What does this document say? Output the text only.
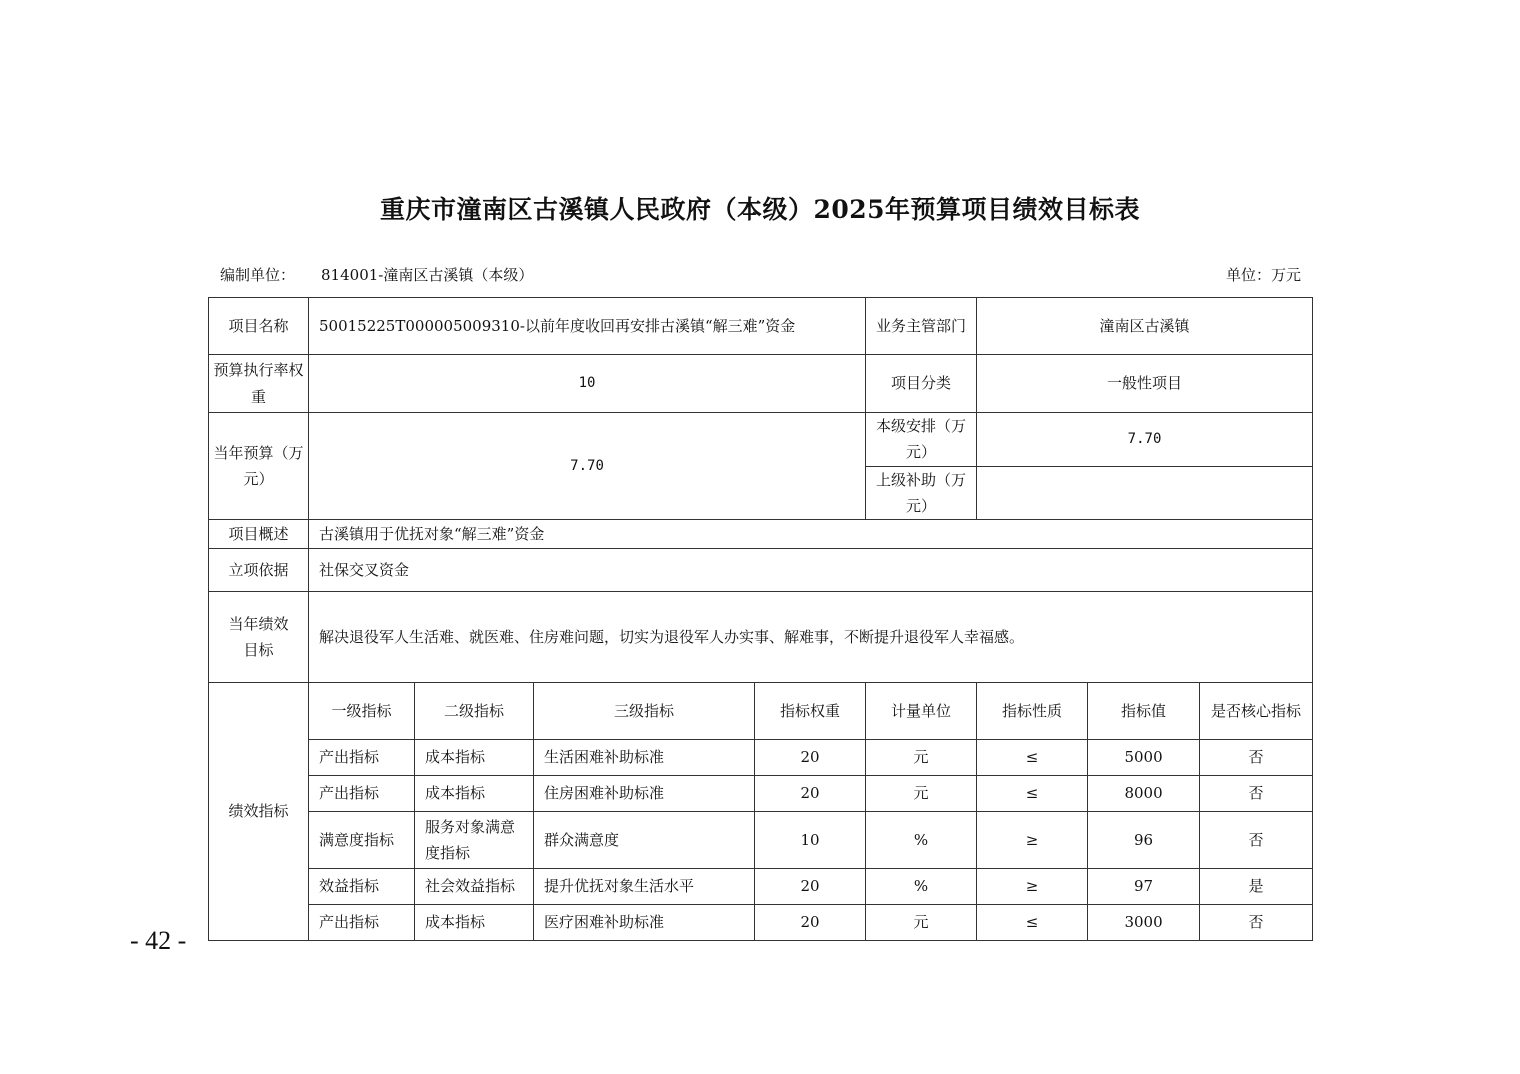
重庆市潼南区古溪镇人民政府（本级）2025年预算项目绩效目标表
编制单位： 814001-潼南区古溪镇（本级）	单位：万元
项目名称	50015225T000005009310-以前年度收回再安排古溪镇“解三难”资金				业务主管部门	潼南区古溪镇		
预算执行率权重	10				项目分类	一般性项目		
当年预算（万元）	7.70				本级安排（万元）	7.70		
					上级补助（万元）			
项目概述	古溪镇用于优抚对象“解三难”资金							
立项依据	社保交叉资金							
当年绩效目标	解决退役军人生活难、就医难、住房难问题，切实为退役军人办实事、解难事，不断提升退役军人幸福感。							
绩效指标	一级指标	二级指标	三级指标	指标权重	计量单位	指标性质	指标值	是否核心指标
	产出指标	成本指标	生活困难补助标准	20	元	≤	5000	否
	产出指标	成本指标	住房困难补助标准	20	元	≤	8000	否
	满意度指标	服务对象满意度指标	群众满意度	10	%	≥	96	否
	效益指标	社会效益指标	提升优抚对象生活水平	20	%	≥	97	是
	产出指标	成本指标	医疗困难补助标准	20	元	≤	3000	否
- 42 -
